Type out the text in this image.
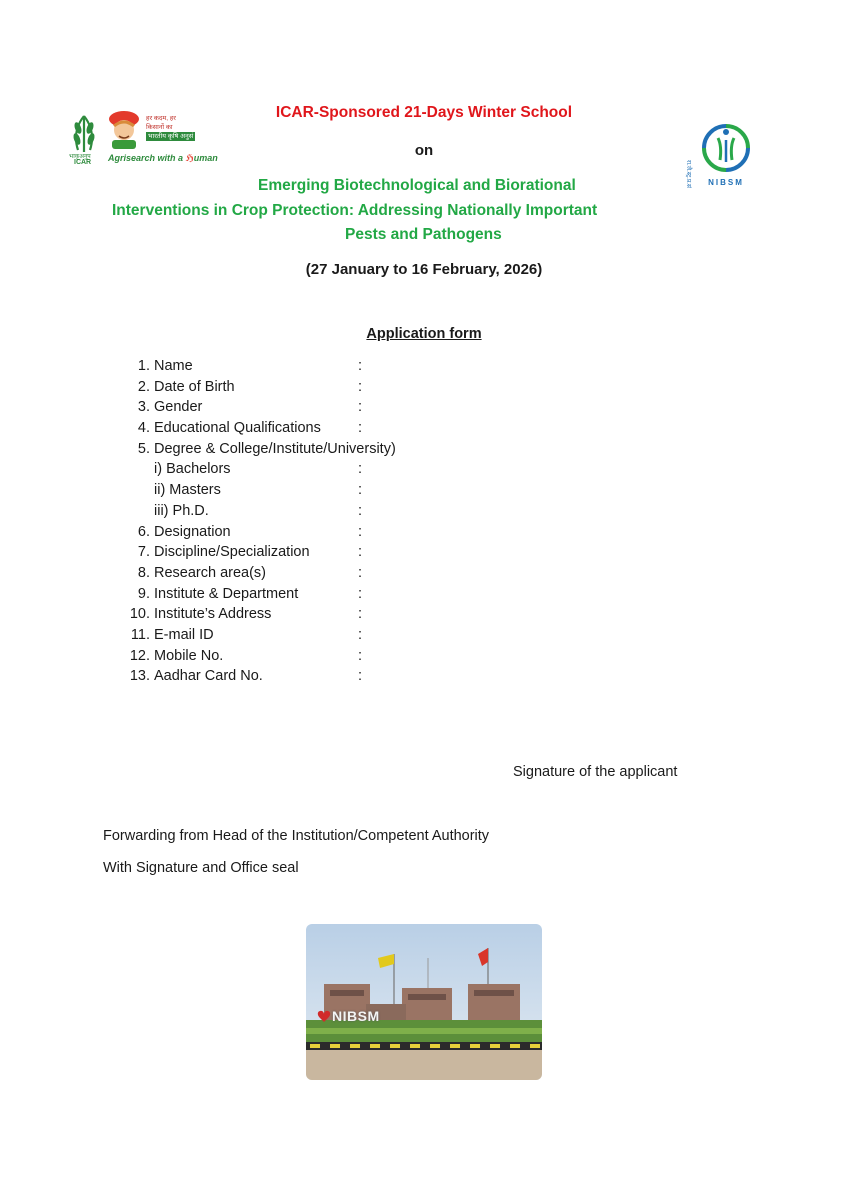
भाकृअनुप
ICAR
हर कदम, हर
किसानों का
भारतीय कृषि अनुसं
Agrisearch with a ℌuman
रा.जै.स्ट्र.प्र.सं	NIBSM
ICAR-Sponsored 21-Days Winter School
on
Emerging Biotechnological and Biorational
Interventions in Crop Protection: Addressing Nationally Important
Pests and Pathogens
(27 January to 16 February, 2026)
Application form
1. Name	:
2. Date of Birth	:
3. Gender	:
4. Educational Qualifications	:
5. Degree & College/Institute/University)
i) Bachelors	:
ii) Masters	:
iii) Ph.D.	:
6. Designation	:
7. Discipline/Specialization	:
8. Research area(s)	:
9. Institute & Department	:
10. Institute’s Address	:
11. E-mail ID	:
12. Mobile No.	:
13. Aadhar Card No.	:
Signature of the applicant
Forwarding from Head of the Institution/Competent Authority
With Signature and Office seal
NIBSM
